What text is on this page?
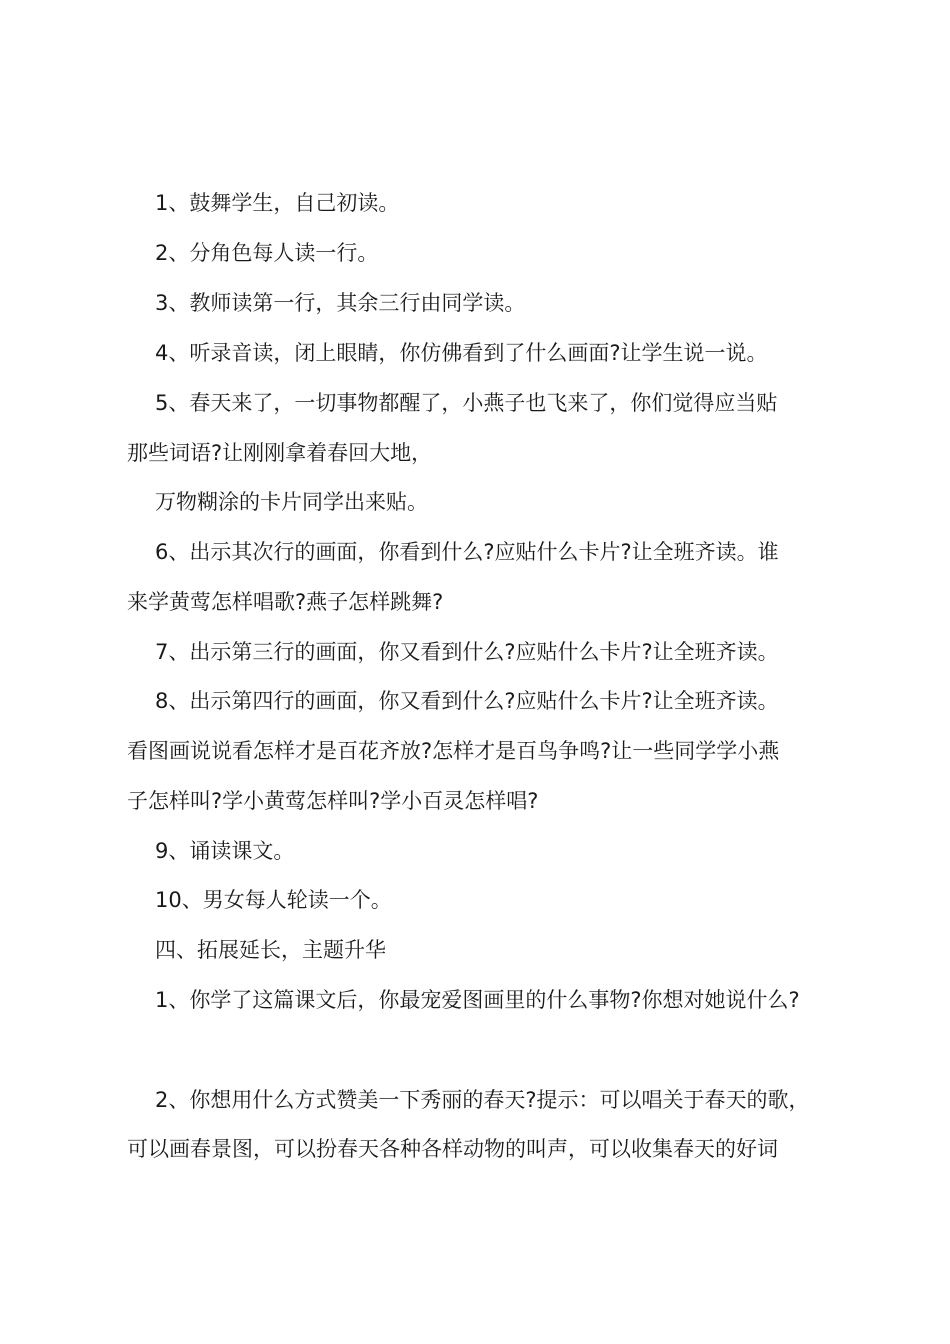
1、鼓舞学生，自己初读。
2、分角色每人读一行。
3、教师读第一行，其余三行由同学读。
4、听录音读，闭上眼睛，你仿佛看到了什么画面?让学生说一说。
5、春天来了，一切事物都醒了，小燕子也飞来了，你们觉得应当贴
那些词语?让刚刚拿着春回大地，
万物糊涂的卡片同学出来贴。
6、出示其次行的画面，你看到什么?应贴什么卡片?让全班齐读。谁
来学黄莺怎样唱歌?燕子怎样跳舞?
7、出示第三行的画面，你又看到什么?应贴什么卡片?让全班齐读。
8、出示第四行的画面，你又看到什么?应贴什么卡片?让全班齐读。
看图画说说看怎样才是百花齐放?怎样才是百鸟争鸣?让一些同学学小燕
子怎样叫?学小黄莺怎样叫?学小百灵怎样唱?
9、诵读课文。
10、男女每人轮读一个。
四、拓展延长，主题升华
1、你学了这篇课文后，你最宠爱图画里的什么事物?你想对她说什么?
2、你想用什么方式赞美一下秀丽的春天?提示：可以唱关于春天的歌，
可以画春景图，可以扮春天各种各样动物的叫声，可以收集春天的好词
